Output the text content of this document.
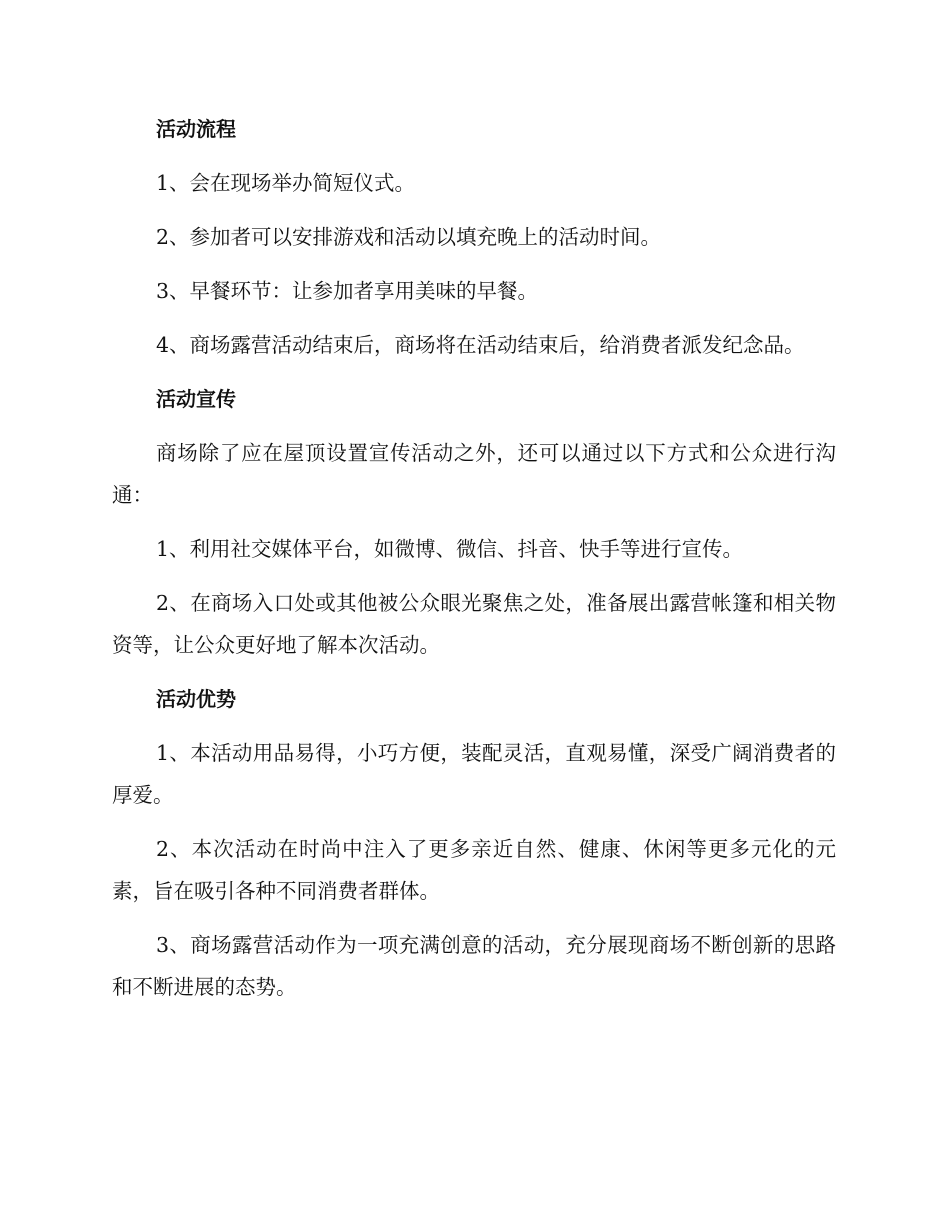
活动流程
1、会在现场举办简短仪式。
2、参加者可以安排游戏和活动以填充晚上的活动时间。
3、早餐环节：让参加者享用美味的早餐。
4、商场露营活动结束后，商场将在活动结束后，给消费者派发纪念品。
活动宣传
商场除了应在屋顶设置宣传活动之外，还可以通过以下方式和公众进行沟通：
1、利用社交媒体平台，如微博、微信、抖音、快手等进行宣传。
2、在商场入口处或其他被公众眼光聚焦之处，准备展出露营帐篷和相关物资等，让公众更好地了解本次活动。
活动优势
1、本活动用品易得，小巧方便，装配灵活，直观易懂，深受广阔消费者的厚爱。
2、本次活动在时尚中注入了更多亲近自然、健康、休闲等更多元化的元素，旨在吸引各种不同消费者群体。
3、商场露营活动作为一项充满创意的活动，充分展现商场不断创新的思路和不断进展的态势。
